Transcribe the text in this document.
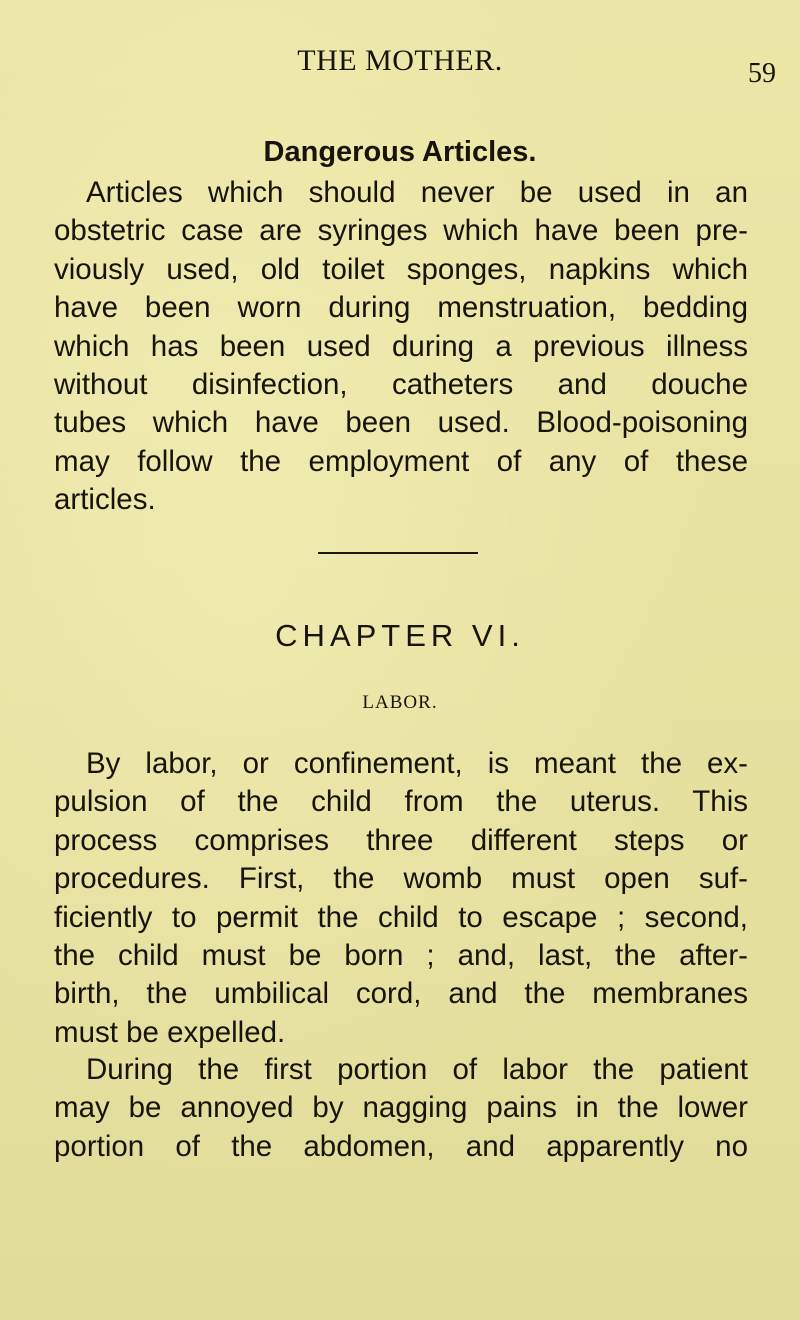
THE MOTHER.	59
Dangerous Articles.
Articles which should never be used in an
obstetric case are syringes which have been pre-
viously used, old toilet sponges, napkins which
have been worn during menstruation, bedding
which has been used during a previous illness
without disinfection, catheters and douche
tubes which have been used. Blood-poisoning
may follow the employment of any of these
articles.
CHAPTER VI.
LABOR.
By labor, or confinement, is meant the ex-
pulsion of the child from the uterus. This
process comprises three different steps or
procedures. First, the womb must open suf-
ficiently to permit the child to escape ; second,
the child must be born ; and, last, the after-
birth, the umbilical cord, and the membranes
must be expelled.
During the first portion of labor the patient
may be annoyed by nagging pains in the lower
portion of the abdomen, and apparently no
